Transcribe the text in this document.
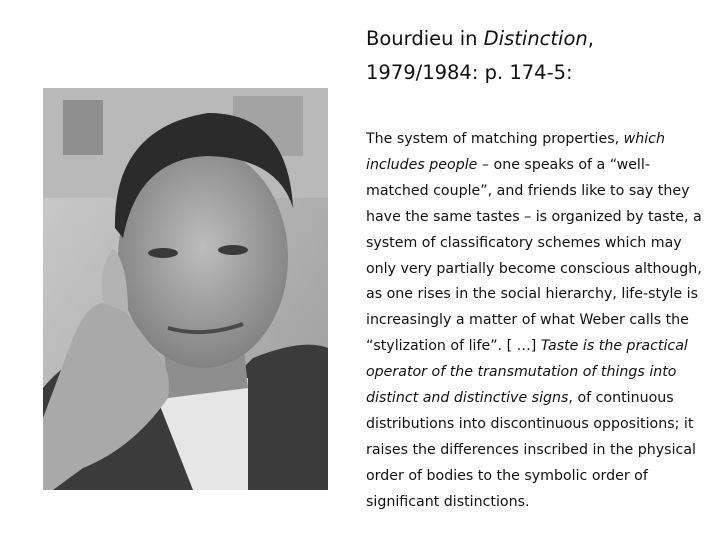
Bourdieu in Distinction,
1979/1984: p. 174-5:

The system of matching properties, which
includes people – one speaks of a “well-
matched couple”, and friends like to say they
have the same tastes – is organized by taste, a
system of classificatory schemes which may
only very partially become conscious although,
as one rises in the social hierarchy, life-style is
increasingly a matter of what Weber calls the
“stylization of life”. [ …] Taste is the practical
operator of the transmutation of things into
distinct and distinctive signs, of continuous
distributions into discontinuous oppositions; it
raises the differences inscribed in the physical
order of bodies to the symbolic order of
significant distinctions.
